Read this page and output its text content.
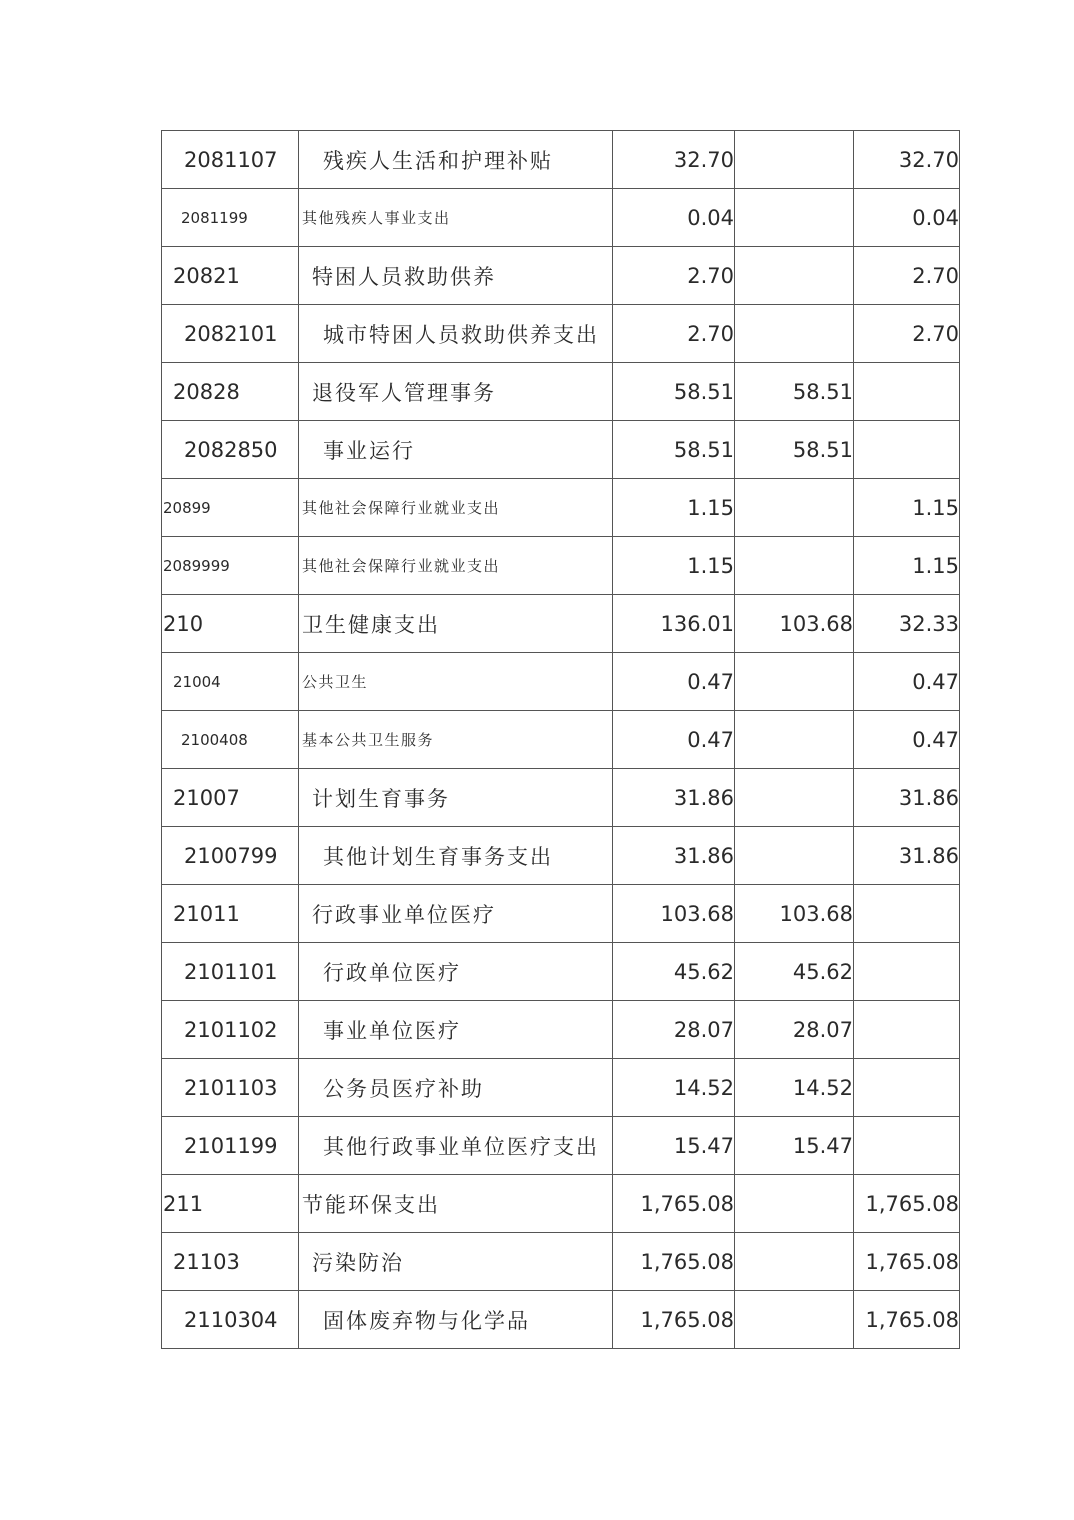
2081107	残疾人生活和护理补贴	32.70		32.70
2081199	其他残疾人事业支出	0.04		0.04
20821	特困人员救助供养	2.70		2.70
2082101	城市特困人员救助供养支出	2.70		2.70
20828	退役军人管理事务	58.51	58.51	
2082850	事业运行	58.51	58.51	
20899	其他社会保障行业就业支出	1.15		1.15
2089999	其他社会保障行业就业支出	1.15		1.15
210	卫生健康支出	136.01	103.68	32.33
21004	公共卫生	0.47		0.47
2100408	基本公共卫生服务	0.47		0.47
21007	计划生育事务	31.86		31.86
2100799	其他计划生育事务支出	31.86		31.86
21011	行政事业单位医疗	103.68	103.68	
2101101	行政单位医疗	45.62	45.62	
2101102	事业单位医疗	28.07	28.07	
2101103	公务员医疗补助	14.52	14.52	
2101199	其他行政事业单位医疗支出	15.47	15.47	
211	节能环保支出	1,765.08		1,765.08
21103	污染防治	1,765.08		1,765.08
2110304	固体废弃物与化学品	1,765.08		1,765.08
